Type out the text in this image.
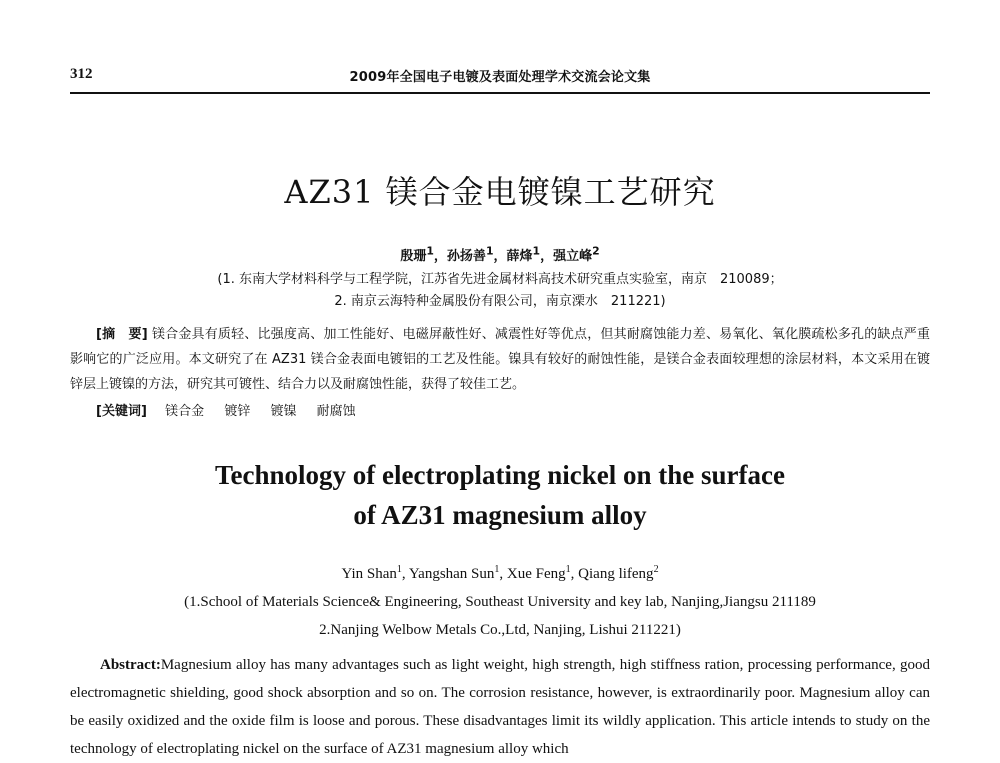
312	2009年全国电子电镀及表面处理学术交流会论文集
AZ31 镁合金电镀镍工艺研究
殷珊$^1$，孙扬善$^1$，薛烽$^1$，强立峰$^2$
(1. 东南大学材料科学与工程学院，江苏省先进金属材料高技术研究重点实验室，南京　210089；
2. 南京云海特种金属股份有限公司，南京溧水　211221)

[摘　要] 镁合金具有质轻、比强度高、加工性能好、电磁屏蔽性好、减震性好等优点，但其耐腐蚀能力差、易氧化、氧化膜疏松多孔的缺点严重影响它的广泛应用。本文研究了在 AZ31 镁合金表面电镀铝的工艺及性能。镍具有较好的耐蚀性能，是镁合金表面较理想的涂层材料，本文采用在镀锌层上镀镍的方法，研究其可镀性、结合力以及耐腐蚀性能，获得了较佳工艺。

[关键词] 镁合金 镀锌 镀镍 耐腐蚀
Technology of electroplating nickel on the surface
of AZ31 magnesium alloy
Yin Shan$^1$, Yangshan Sun$^1$, Xue Feng$^1$, Qiang lifeng$^2$
(1.School of Materials Science& Engineering, Southeast University and key lab, Nanjing,Jiangsu 211189
2.Nanjing Welbow Metals Co.,Ltd, Nanjing, Lishui 211221)

Abstract:Magnesium alloy has many advantages such as light weight, high strength, high stiffness ration, processing performance, good electromagnetic shielding, good shock absorption and so on. The corrosion resistance, however, is extraordinarily poor. Magnesium alloy can be easily oxidized and the oxide film is loose and porous. These disadvantages limit its wildly application. This article intends to study on the technology of electroplating nickel on the surface of AZ31 magnesium alloy which
